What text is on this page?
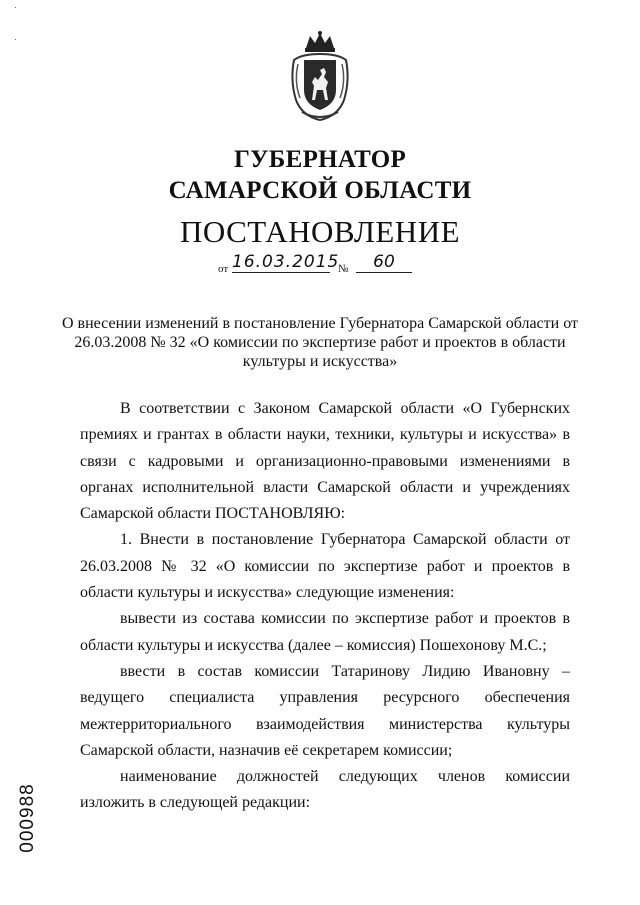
·
·
ГУБЕРНАТОР
САМАРСКОЙ ОБЛАСТИ
ПОСТАНОВЛЕНИЕ
от 16.03.2015
№	60
О внесении изменений в постановление Губернатора Самарской области от 26.03.2008 № 32 «О комиссии по экспертизе работ и проектов в области культуры и искусства»

В соответствии с Законом Самарской области «О Губернских премиях и грантах в области науки, техники, культуры и искусства» в связи с кадровыми и организационно-правовыми изменениями в органах исполнительной власти Самарской области и учреждениях Самарской области ПОСТАНОВЛЯЮ:

1. Внести в постановление Губернатора Самарской области от 26.03.2008 № 32 «О комиссии по экспертизе работ и проектов в области культуры и искусства» следующие изменения:

вывести из состава комиссии по экспертизе работ и проектов в области культуры и искусства (далее – комиссия) Пошехонову М.С.;

ввести в состав комиссии Татаринову Лидию Ивановну – ведущего специалиста управления ресурсного обеспечения межтерриториального взаимодействия министерства культуры Самарской области, назначив её секретарем комиссии;

наименование должностей следующих членов комиссии изложить в следующей редакции:

000988
